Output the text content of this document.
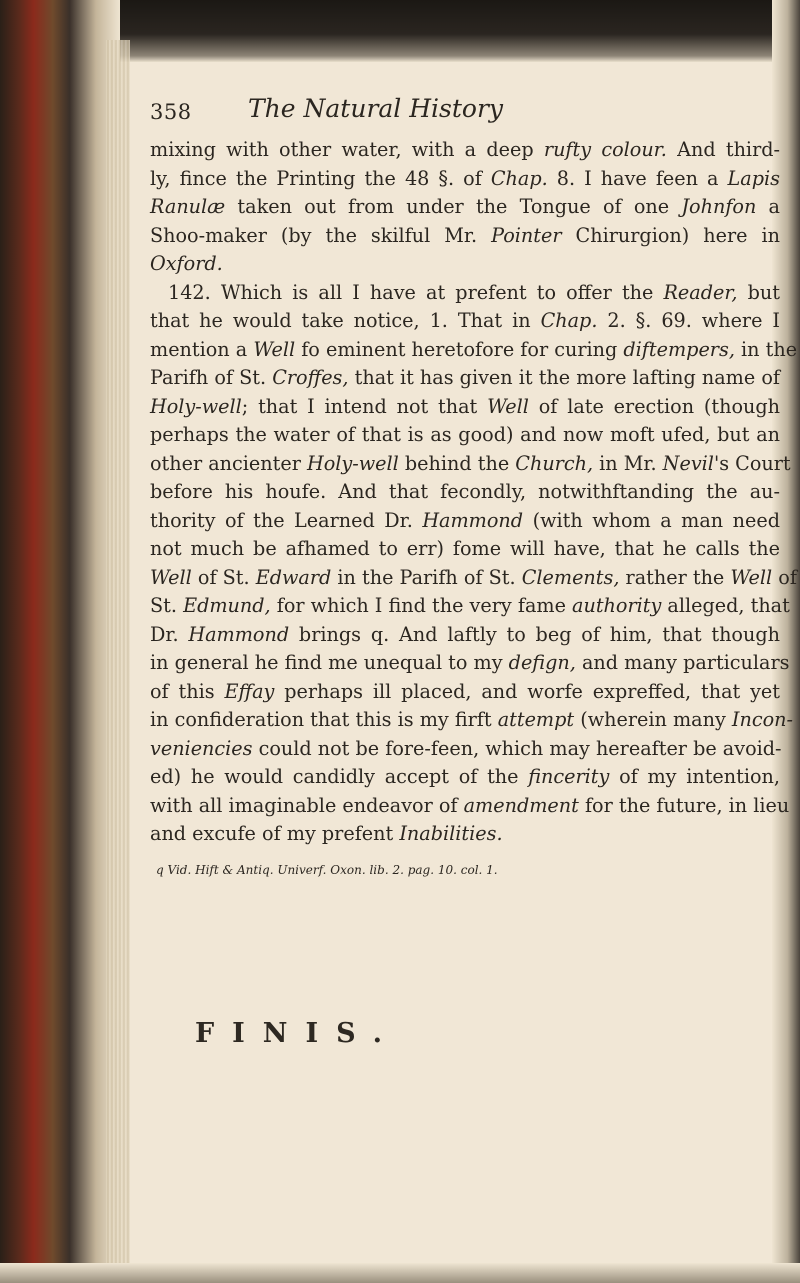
358 The Natural History
mixing with other water, with a deep rufty colour. And third-
ly, fince the Printing the 48 §. of Chap. 8. I have feen a Lapis
Ranulæ taken out from under the Tongue of one Johnfon a
Shoo-maker (by the skilful Mr. Pointer Chirurgion) here in
Oxford.
142. Which is all I have at prefent to offer the Reader, but
that he would take notice, 1. That in Chap. 2. §. 69. where I
mention a Well fo eminent heretofore for curing diftempers, in the
Parifh of St. Croffes, that it has given it the more lafting name of
Holy-well; that I intend not that Well of late erection (though
perhaps the water of that is as good) and now moft ufed, but an
other ancienter Holy-well behind the Church, in Mr. Nevil's Court
before his houfe. And that fecondly, notwithftanding the au-
thority of the Learned Dr. Hammond (with whom a man need
not much be afhamed to err) fome will have, that he calls the
Well of St. Edward in the Parifh of St. Clements, rather the Well of
St. Edmund, for which I find the very fame authority alleged, that
Dr. Hammond brings q. And laftly to beg of him, that though
in general he find me unequal to my defign, and many particulars
of this Effay perhaps ill placed, and worfe expreffed, that yet
in confideration that this is my firft attempt (wherein many Incon-
veniencies could not be fore-feen, which may hereafter be avoid-
ed) he would candidly accept of the fincerity of my intention,
with all imaginable endeavor of amendment for the future, in lieu
and excufe of my prefent Inabilities.
q Vid. Hift & Antiq. Univerf. Oxon. lib. 2. pag. 10. col. 1.
FINIS.
